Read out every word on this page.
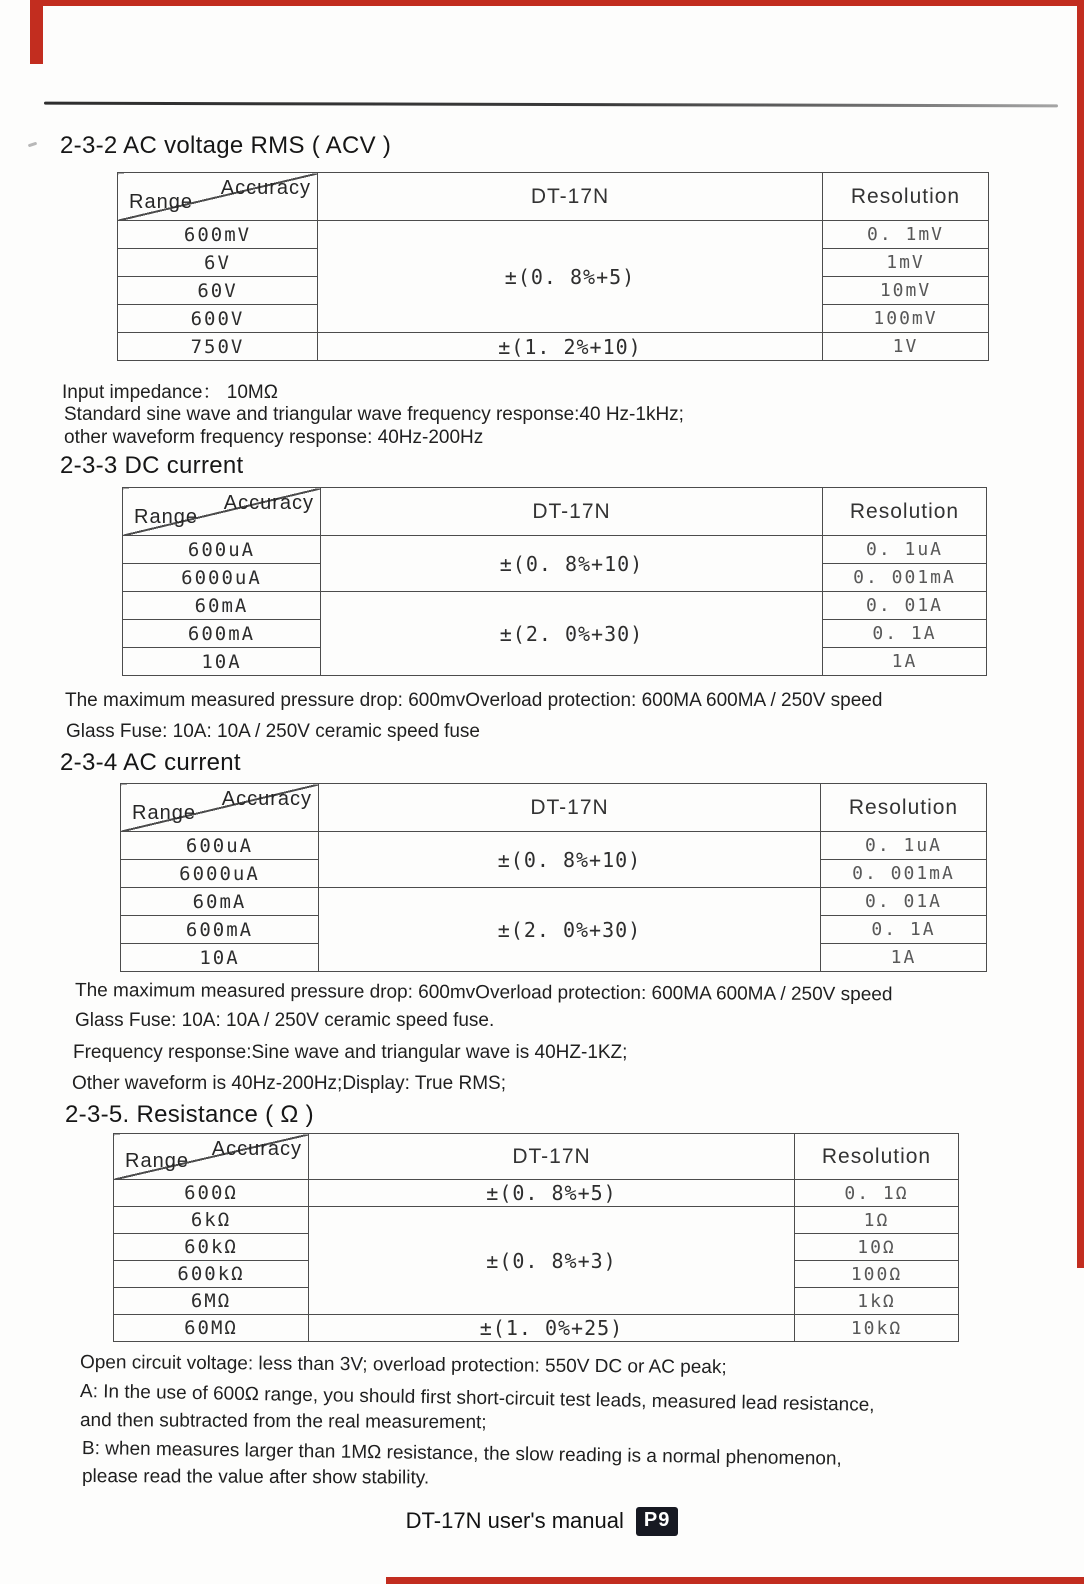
2-3-2 AC voltage RMS ( ACV )
Accuracy
Range	DT-17N	Resolution
600mV	±(0. 8%+5)	0. 1mV
6V		1mV
60V		10mV
600V		100mV
750V	±(1. 2%+10)	1V
Input impedance： 10MΩ
Standard sine wave and triangular wave frequency response:40 Hz-1kHz;
other waveform frequency response: 40Hz-200Hz
2-3-3 DC current
Accuracy
Range	DT-17N	Resolution
600uA	±(0. 8%+10)	0. 1uA
6000uA		0. 001mA
60mA	±(2. 0%+30)	0. 01A
600mA		0. 1A
10A		1A
The maximum measured pressure drop: 600mvOverload protection: 600MA 600MA / 250V speed
Glass Fuse: 10A: 10A / 250V ceramic speed fuse
2-3-4 AC current
Accuracy
Range	DT-17N	Resolution
600uA	±(0. 8%+10)	0. 1uA
6000uA		0. 001mA
60mA	±(2. 0%+30)	0. 01A
600mA		0. 1A
10A		1A
The maximum measured pressure drop: 600mvOverload protection: 600MA 600MA / 250V speed
Glass Fuse: 10A: 10A / 250V ceramic speed fuse.
Frequency response:Sine wave and triangular wave is 40HZ-1KZ;
Other waveform is 40Hz-200Hz;Display: True RMS;
2-3-5. Resistance ( Ω )
Accuracy
Range	DT-17N	Resolution
600Ω	±(0. 8%+5)	0. 1Ω
6kΩ	±(0. 8%+3)	1Ω
60kΩ		10Ω
600kΩ		100Ω
6MΩ		1kΩ
60MΩ	±(1. 0%+25)	10kΩ
Open circuit voltage: less than 3V; overload protection: 550V DC or AC peak;
A: In the use of 600Ω range, you should first short-circuit test leads, measured lead resistance,
and then subtracted from the real measurement;
B: when measures larger than 1MΩ resistance, the slow reading is a normal phenomenon,
please read the value after show stability.
DT-17N user's manual P9
